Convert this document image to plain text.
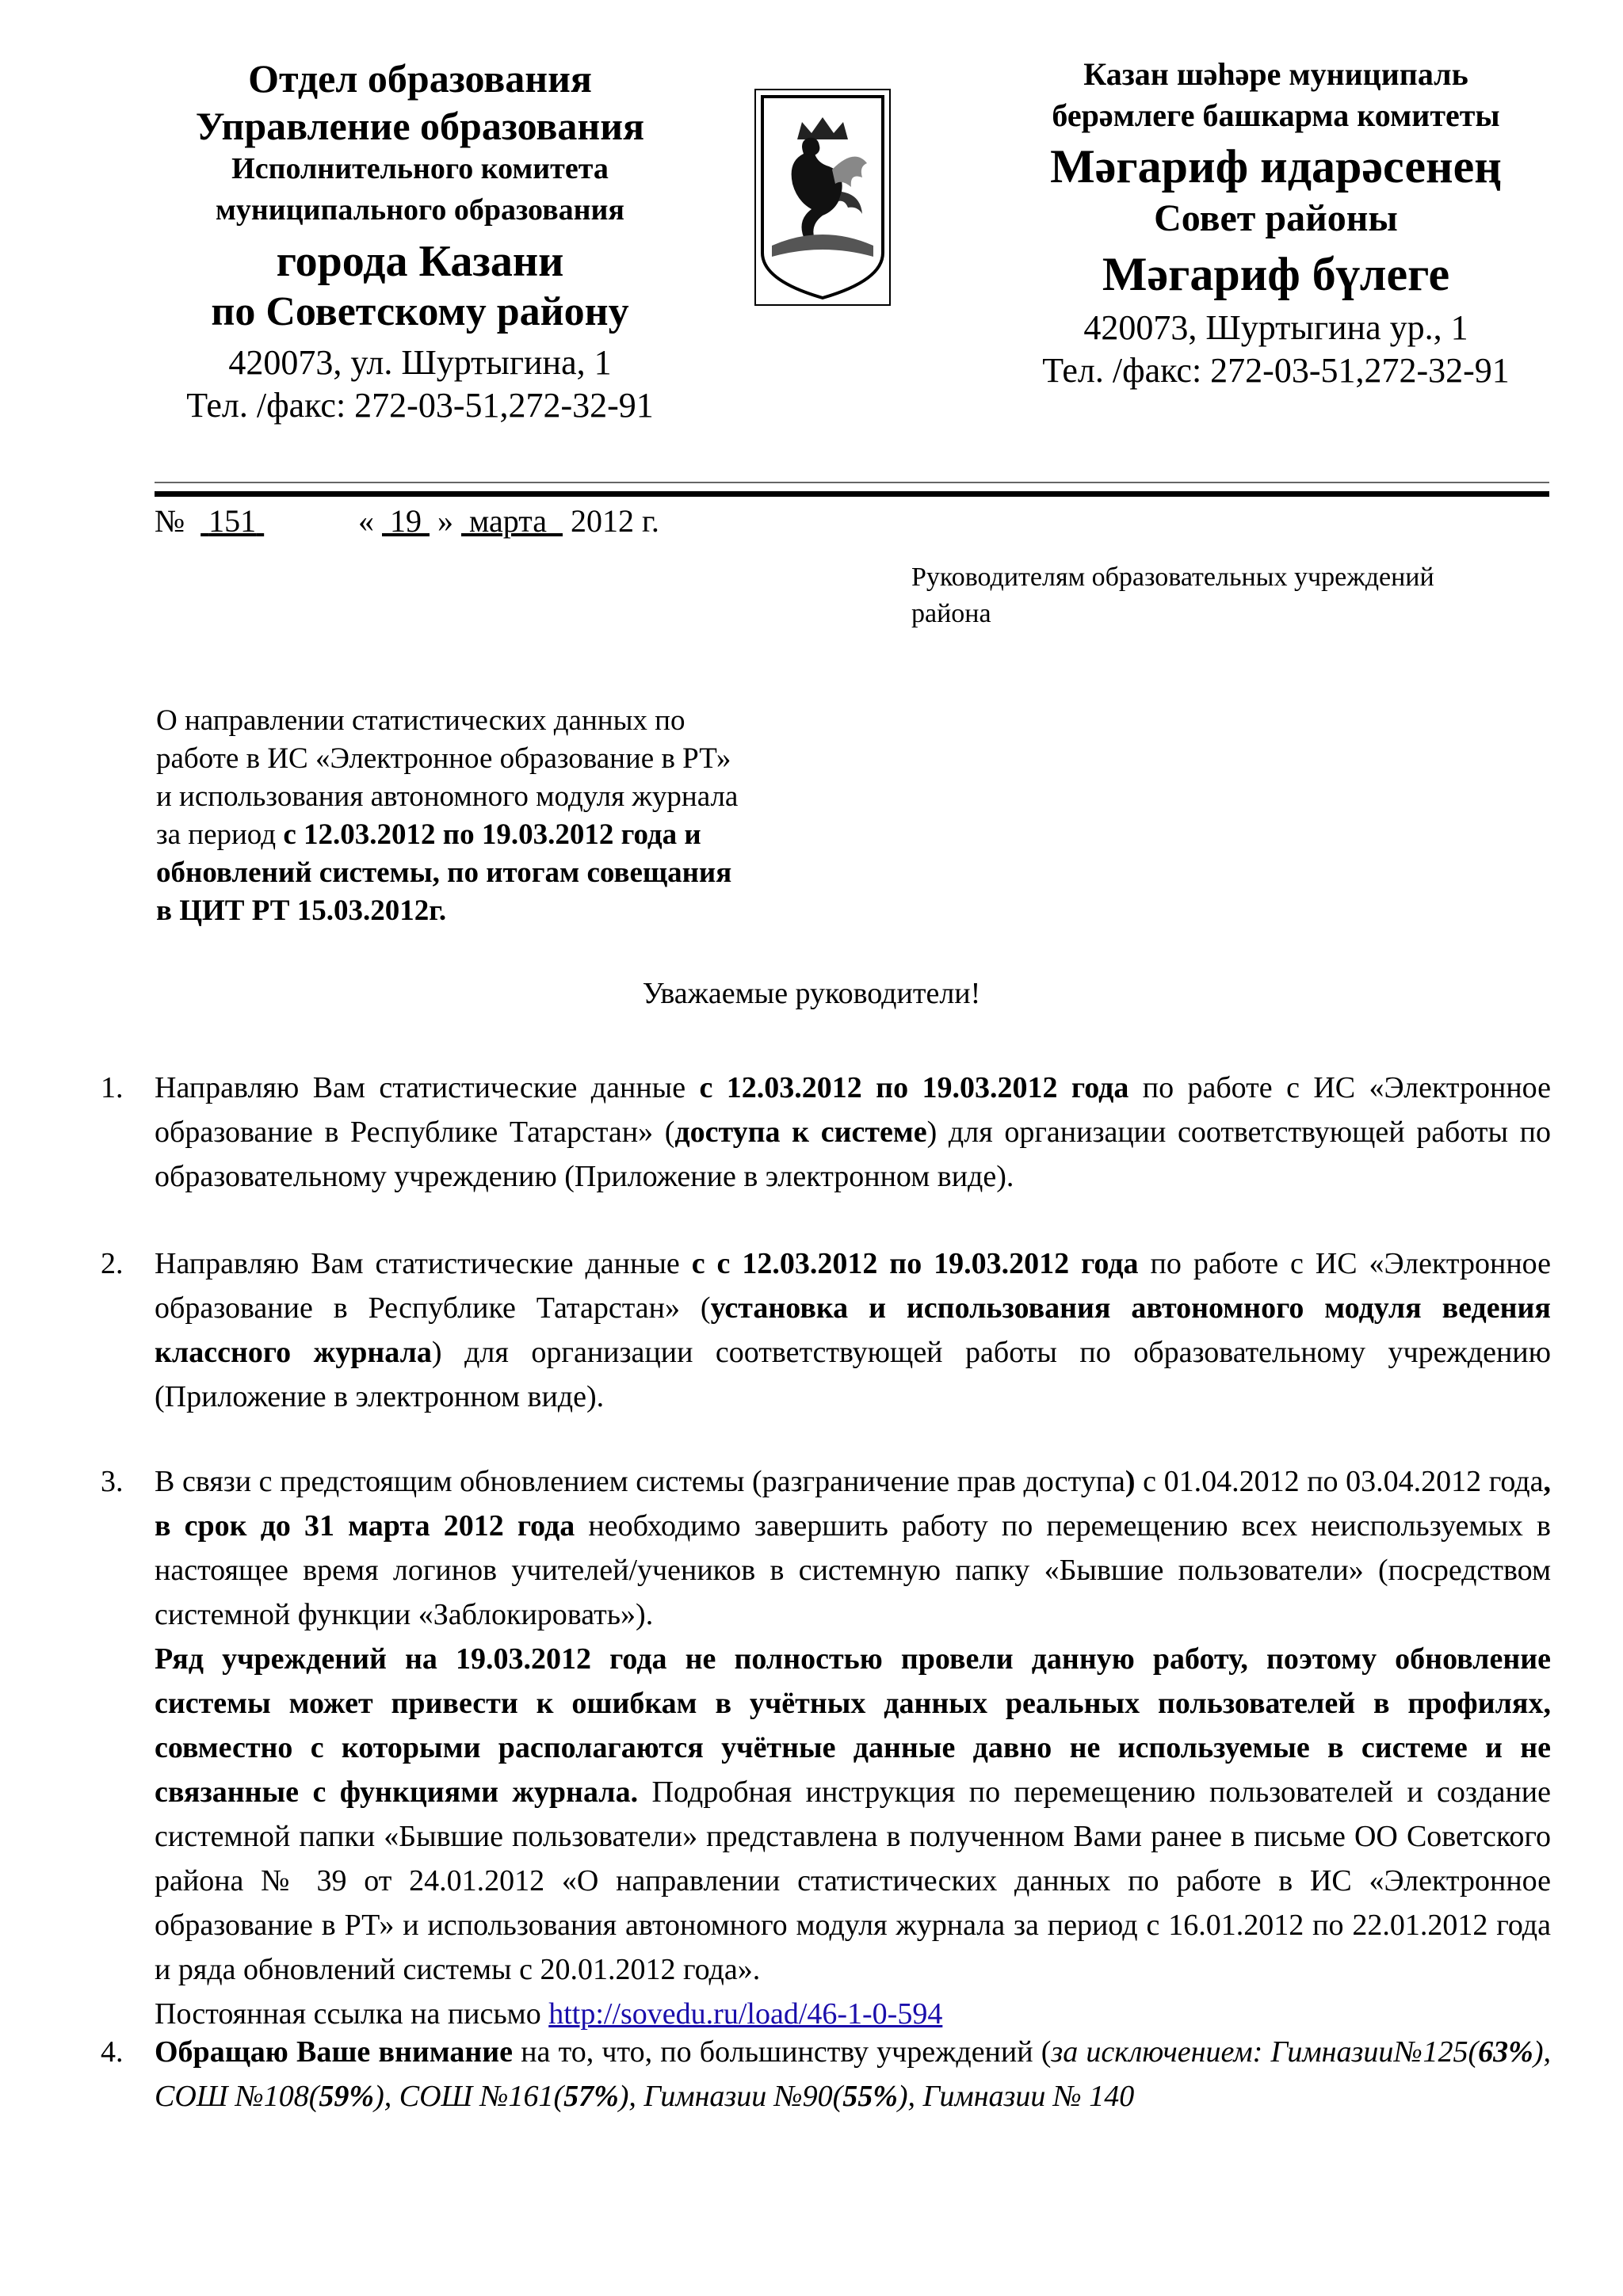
Отдел образования
Управление образования
Исполнительного комитета
муниципального образования
города Казани
по Советскому району
420073, ул. Шуртыгина, 1
Тел. /факс: 272-03-51,272-32-91
Казан шәһәре муниципаль
берәмлеге башкарма комитеты
Мәгариф идарәсенең
Совет районы
Мәгариф бүлеге
420073, Шуртыгина ур., 1
Тел. /факс: 272-03-51,272-32-91
№ 151	« 19 » марта 2012 г.
Руководителям образовательных учреждений
района
О направлении статистических данных по
работе в ИС «Электронное образование в РТ»
и использования автономного модуля журнала
за период с 12.03.2012 по 19.03.2012 года и
обновлений системы, по итогам совещания
в ЦИТ РТ 15.03.2012г.
Уважаемые руководители!
1. Направляю Вам статистические данные с 12.03.2012 по 19.03.2012 года по работе с ИС «Электронное образование в Республике Татарстан» (доступа к системе) для организации соответствующей работы по образовательному учреждению (Приложение в электронном виде).

2. Направляю Вам статистические данные с с 12.03.2012 по 19.03.2012 года по работе с ИС «Электронное образование в Республике Татарстан» (установка и использования автономного модуля ведения классного журнала) для организации соответствующей работы по образовательному учреждению (Приложение в электронном виде).

3. В связи с предстоящим обновлением системы (разграничение прав доступа) с 01.04.2012 по 03.04.2012 года, в срок до 31 марта 2012 года необходимо завершить работу по перемещению всех неиспользуемых в настоящее время логинов учителей/учеников в системную папку «Бывшие пользователи» (посредством системной функции «Заблокировать»).

Ряд учреждений на 19.03.2012 года не полностью провели данную работу, поэтому обновление системы может привести к ошибкам в учётных данных реальных пользователей в профилях, совместно с которыми располагаются учётные данные давно не используемые в системе и не связанные с функциями журнала. Подробная инструкция по перемещению пользователей и создание системной папки «Бывшие пользователи» представлена в полученном Вами ранее в письме ОО Советского района № 39 от 24.01.2012 «О направлении статистических данных по работе в ИС «Электронное образование в РТ» и использования автономного модуля журнала за период с 16.01.2012 по 22.01.2012 года и ряда обновлений системы с 20.01.2012 года».

Постоянная ссылка на письмо http://sovedu.ru/load/46-1-0-594

4. Обращаю Ваше внимание на то, что, по большинству учреждений (за исключением: Гимназии№125(63%), СОШ №108(59%), СОШ №161(57%), Гимназии №90(55%), Гимназии № 140
